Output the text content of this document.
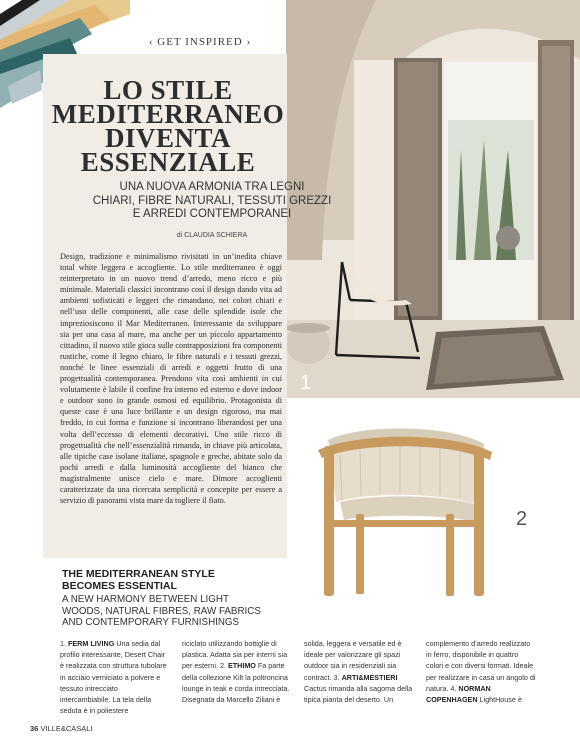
1
‹ GET INSPIRED ›
LO STILE
MEDITERRANEO
DIVENTA
ESSENZIALE
UNA NUOVA ARMONIA TRA LEGNI
CHIARI, FIBRE NATURALI, TESSUTI GREZZI
E ARREDI CONTEMPORANEI
di CLAUDIA SCHIERA

Design, tradizione e minimalismo rivisitati in un’inedita chiave total white leggera e accogliente. Lo stile mediterraneo è oggi reinterpretato in un nuovo trend d’arredo, meno ricco e più minimale. Materiali classici incontrano così il design dando vita ad ambienti sofisticati e leggeri che rimandano, nei colori chiari e nell’uso delle componenti, alle case delle splendide isole che impreziosiscono il Mar Mediterraneo. Interessante da sviluppare sia per una casa al mare, ma anche per un piccolo appartamento cittadino, il nuovo stile gioca sulle contrapposizioni fra componenti rustiche, come il legno chiaro, le fibre naturali e i tessuti grezzi, nonché le linee essenziali di arredi e oggetti frutto di una progettualità contemporanea. Prendono vita così ambienti in cui volutamente è labile il confine fra interno ed esterno e dove indoor e outdoor sono in grande osmosi ed equilibrio. Protagonista di queste case è una luce brillante e un design rigoroso, ma mai freddo, in cui forma e funzione si incontrano liberandosi per una volta dell’eccesso di elementi decorativi. Uno stile ricco di progettualità che nell’essenzialità rimanda, in chiave più articolata, alle tipiche case isolane italiane, spagnole e greche, abitate solo da pochi arredi e dalla luminosità accogliente del bianco che magistralmente unisce cielo e mare. Dimore accoglienti caratterizzate da una ricercata semplicità e concepite per essere a servizio di panorami vista mare da togliere il fiato.

2
THE MEDITERRANEAN STYLE
BECOMES ESSENTIAL
A NEW HARMONY BETWEEN LIGHT
WOODS, NATURAL FIBRES, RAW FABRICS
AND CONTEMPORARY FURNISHINGS
1. FERM LIVING Una sedia dal profilo interessante, Desert Chair è realizzata con struttura tubolare in acciaio verniciato a polvere e tessuto intrecciato intercambiabile. La tela della seduta è in poliestere
riciclato utilizzando bottiglie di plastica. Adatta sia per interni sia per esterni. 2. ETHIMO Fa parte della collezione Kilt la poltroncina lounge in teak e corda intrecciata. Disegnata da Marcello Ziliani è
solida, leggera e versatile ed è ideale per valorizzare gli spazi outdoor sia in residenziali sia contract. 3. ARTI&MESTIERI Cactus rimanda alla sagoma della tipica pianta del deserto. Un
complemento d’arredo realizzato in ferro, disponibile in quattro colori e con diversi formati. Ideale per realizzare in casa un angolo di natura. 4. NORMAN COPENHAGEN LightHouse è
36 VILLE&CASALI
